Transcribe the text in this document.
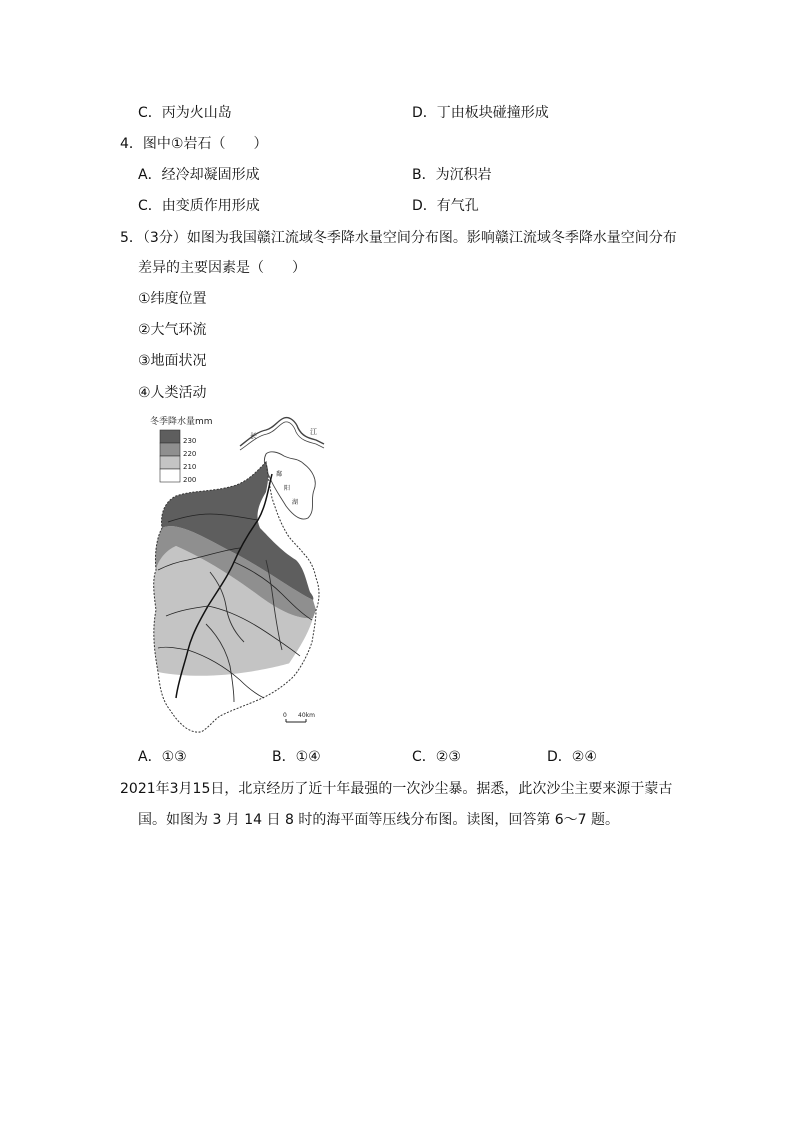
C．丙为火山岛	D．丁由板块碰撞形成
4．图中①岩石（　　）
A．经冷却凝固形成	B．为沉积岩
C．由变质作用形成	D．有气孔
5．（3分）如图为我国赣江流域冬季降水量空间分布图。影响赣江流域冬季降水量空间分布
差异的主要因素是（　　）
①纬度位置
②大气环流
③地面状况
④人类活动
冬季降水量mm
230
220
210
200
长	江
鄱
阳
湖
0 40km
A．①③	B．①④	C．②③	D．②④
2021年3月15日，北京经历了近十年最强的一次沙尘暴。据悉，此次沙尘主要来源于蒙古
国。如图为 3 月 14 日 8 时的海平面等压线分布图。读图，回答第 6～7 题。
